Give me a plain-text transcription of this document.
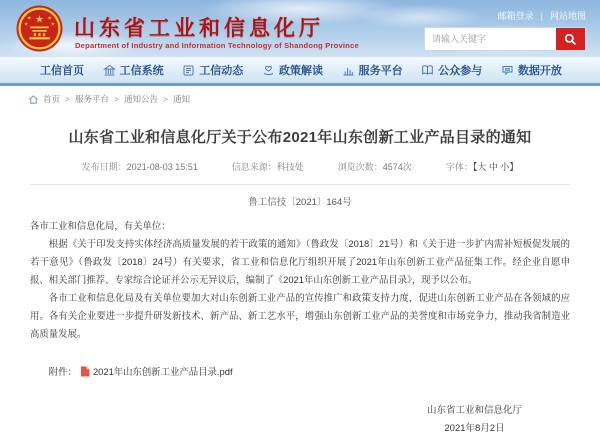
★
★	★
★	★ 山东省工业和信息化厅
Department of Industry and Information Technology of Shandong Province
邮箱登录 | 网站地图
请输入关键字
工信首页	工信系统	工信动态	政策解读	服务平台	公众参与	数据开放
首页 > 服务平台 > 通知公告 > 通知
山东省工业和信息化厅关于公布2021年山东创新工业产品目录的通知
发布日期：2021-08-03 15:51	信息来源：科技处	浏览次数：4574次	字体：【大 中 小】
鲁工信技〔2021〕164号

各市工业和信息化局，有关单位：

根据《关于印发支持实体经济高质量发展的若干政策的通知》（鲁政发〔2018〕21号）和《关于进一步扩内需补短板促发展的若干意见》（鲁政发〔2018〕24号）有关要求，省工业和信息化厅组织开展了2021年山东创新工业产品征集工作。经企业自愿申报、相关部门推荐、专家综合论证并公示无异议后，编制了《2021年山东创新工业产品目录》，现予以公布。

各市工业和信息化局及有关单位要加大对山东创新工业产品的宣传推广和政策支持力度，促进山东创新工业产品在各领域的应用。各有关企业要进一步提升研发新技术、新产品、新工艺水平，增强山东创新工业产品的美誉度和市场竞争力，推动我省制造业高质量发展。

附件： 2021年山东创新工业产品目录.pdf
山东省工业和信息化厅
2021年8月2日
